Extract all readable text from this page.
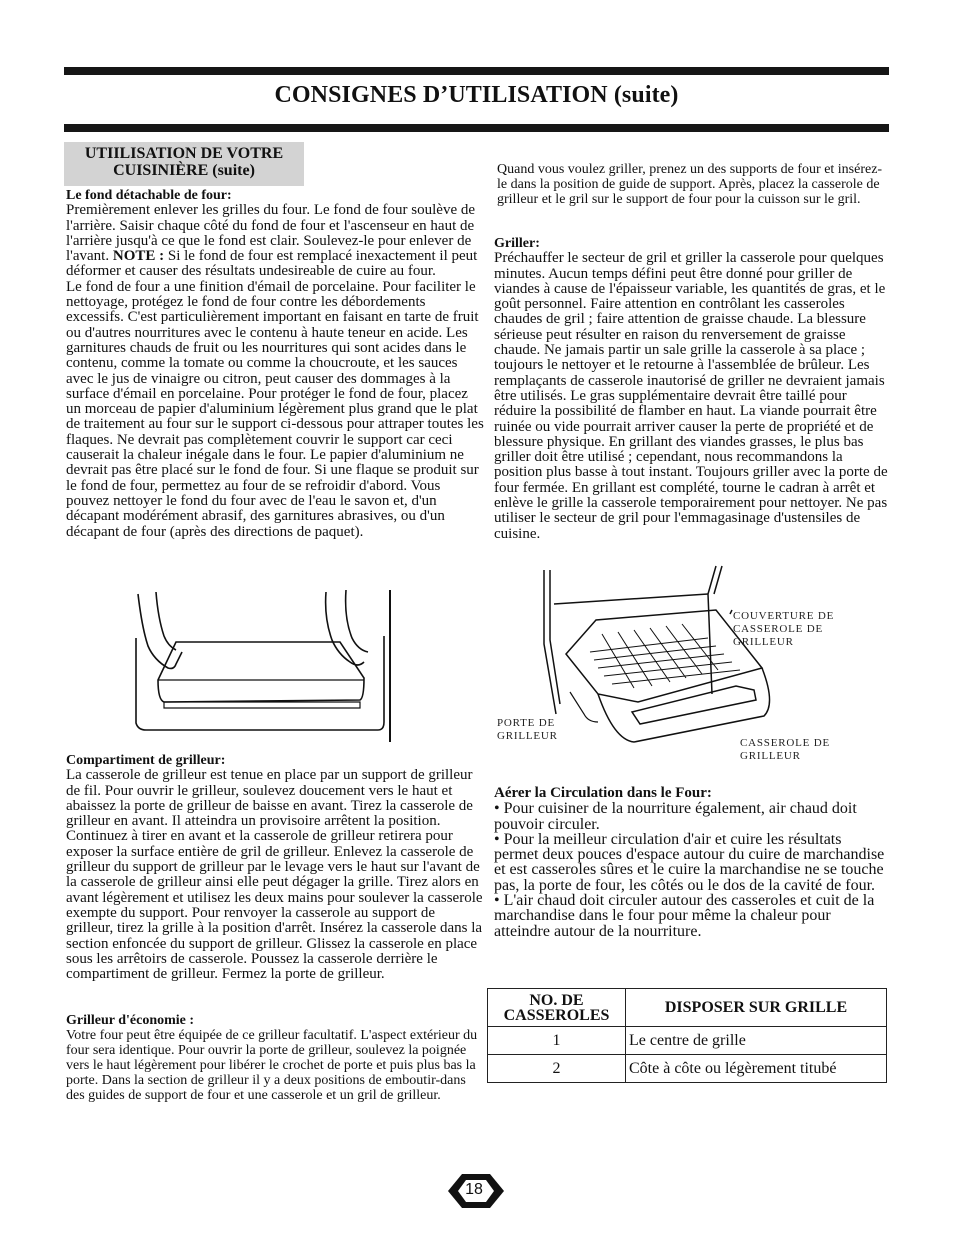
CONSIGNES D’UTILISATION (suite)
UTIILISATION DE VOTRE
CUISINIÈRE (suite)

Le fond détachable de four:

Premièrement enlever les grilles du four. Le fond de four soulève de l'arrière. Saisir chaque côté du fond de four et l'ascenseur en haut de l'arrière jusqu'à ce que le fond est clair. Soulevez-le pour enlever de l'avant. NOTE : Si le fond de four est remplacé inexactement il peut déformer et causer des résultats undesireable de cuire au four.

Le fond de four a une finition d'émail de porcelaine. Pour faciliter le nettoyage, protégez le fond de four contre les débordements excessifs. C'est particulièrement important en faisant en tarte de fruit ou d'autres nourritures avec le contenu à haute teneur en acide. Les garnitures chauds de fruit ou les nourritures qui sont acides dans le contenu, comme la tomate ou comme la choucroute, et les sauces avec le jus de vinaigre ou citron, peut causer des dommages à la surface d'émail en porcelaine. Pour protéger le fond de four, placez un morceau de papier d'aluminium légèrement plus grand que le plat de traitement au four sur le support ci-dessous pour attraper toutes les flaques. Ne devrait pas complètement couvrir le support car ceci causerait la chaleur inégale dans le four. Le papier d'aluminium ne devrait pas être placé sur le fond de four. Si une flaque se produit sur le fond de four, permettez au four de se refroidir d'abord. Vous pouvez nettoyer le fond du four avec de l'eau le savon et, d'un décapant modérément abrasif, des garnitures abrasives, ou d'un décapant de four (après des directions de paquet).

Compartiment de grilleur:

La casserole de grilleur est tenue en place par un support de grilleur de fil. Pour ouvrir le grilleur, soulevez doucement vers le haut et abaissez la porte de grilleur de baisse en avant. Tirez la casserole de grilleur en avant. Il atteindra un provisoire arrêtent la position. Continuez à tirer en avant et la casserole de grilleur retirera pour exposer la surface entière de gril de grilleur. Enlevez la casserole de grilleur du support de grilleur par le levage vers le haut sur l'avant de la casserole de grilleur ainsi elle peut dégager la grille. Tirez alors en avant légèrement et utilisez les deux mains pour soulever la casserole exempte du support. Pour renvoyer la casserole au support de grilleur, tirez la grille à la position d'arrêt. Insérez la casserole dans la section enfoncée du support de grilleur. Glissez la casserole en place sous les arrêtoirs de casserole. Poussez la casserole derrière le compartiment de grilleur. Fermez la porte de grilleur.

Grilleur d'économie :

Votre four peut être équipée de ce grilleur facultatif. L'aspect extérieur du four sera identique. Pour ouvrir la porte de grilleur, soulevez la poignée vers le haut légèrement pour libérer le crochet de porte et puis plus bas la porte. Dans la section de grilleur il y a deux positions de emboutir-dans des guides de support de four et une casserole et un gril de grilleur.

Quand vous voulez griller, prenez un des supports de four et insérez-le dans la position de guide de support. Après, placez la casserole de grilleur et le gril sur le support de four pour la cuisson sur le gril.

Griller:

Préchauffer le secteur de gril et griller la casserole pour quelques minutes. Aucun temps défini peut être donné pour griller de viandes à cause de l'épaisseur variable, les quantités de gras, et le goût personnel. Faire attention en contrôlant les casseroles chaudes de gril ; faire attention de graisse chaude. La blessure sérieuse peut résulter en raison du renversement de graisse chaude. Ne jamais partir un sale grille la casserole à sa place ; toujours le nettoyer et le retourne à l'assemblée de brûleur. Les remplaçants de casserole inautorisé de griller ne devraient jamais être utilisés. Le gras supplémentaire devrait être taillé pour réduire la possibilité de flamber en haut. La viande pourrait être ruinée ou vide pourrait arriver causer la perte de propriété et de blessure physique. En grillant des viandes grasses, le plus bas griller doit être utilisé ; cependant, nous recommandons la position plus basse à tout instant. Toujours griller avec la porte de four fermée. En grillant est complété, tourne le cadran à arrêt et enlève le grille la casserole temporairement pour nettoyer. Ne pas utiliser le secteur de gril pour l'emmagasinage d'ustensiles de cuisine.

COUVERTURE DE CASSEROLE DE GRILLEUR
PORTE DE GRILLEUR
CASSEROLE DE GRILLEUR

Aérer la Circulation dans le Four:

• Pour cuisiner de la nourriture également, air chaud doit pouvoir circuler.

• Pour la meilleur circulation d'air et cuire les résultats permet deux pouces d'espace autour du cuire de marchandise et est casseroles sûres et le cuire la marchandise ne se touche pas, la porte de four, les côtés ou le dos de la cavité de four.

• L'air chaud doit circuler autour des casseroles et cuit de la marchandise dans le four pour même la chaleur pour atteindre autour de la nourriture.

NO. DE CASSEROLES	DISPOSER SUR GRILLE
1	Le centre de grille
2	Côte à côte ou légèrement titubé
18
